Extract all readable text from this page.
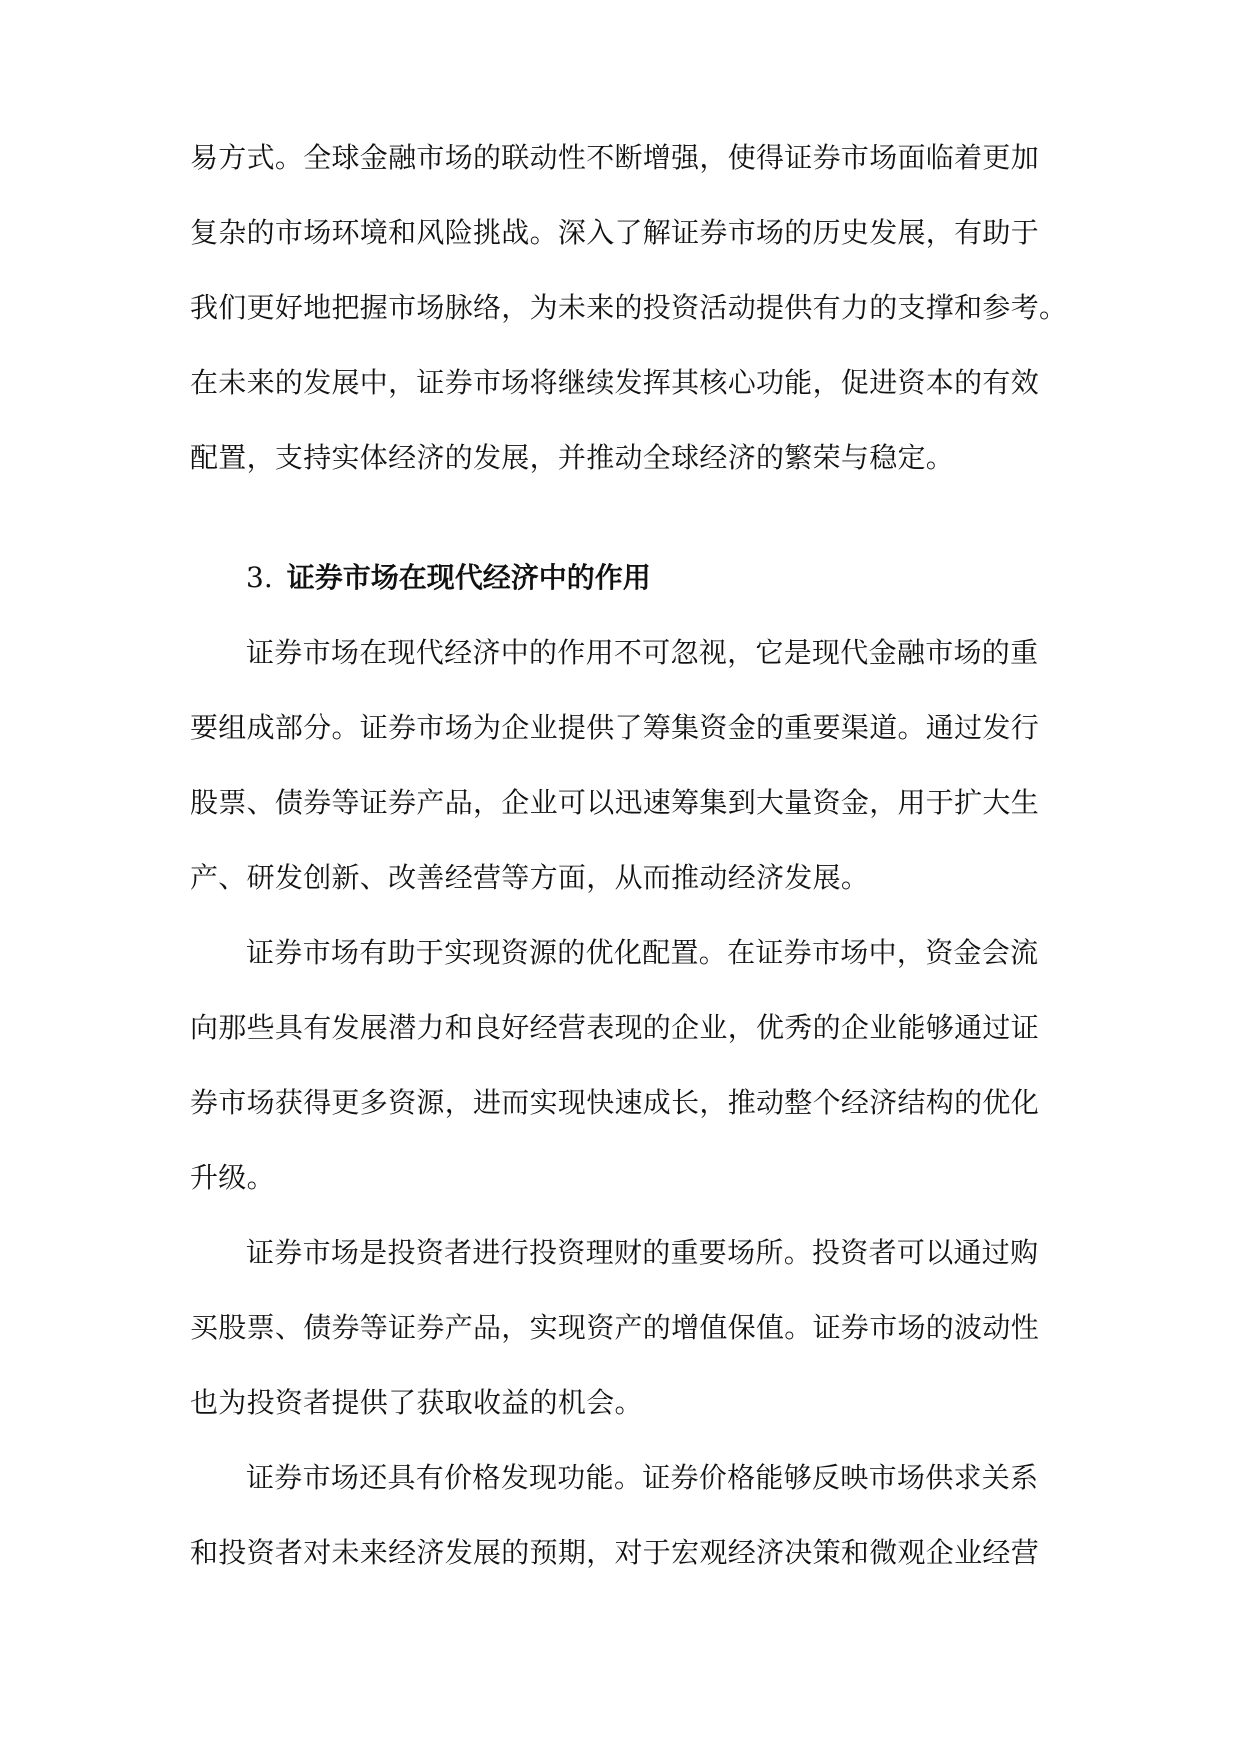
易方式。全球金融市场的联动性不断增强，使得证券市场面临着更加
复杂的市场环境和风险挑战。深入了解证券市场的历史发展，有助于
我们更好地把握市场脉络，为未来的投资活动提供有力的支撑和参考。
在未来的发展中，证券市场将继续发挥其核心功能，促进资本的有效
配置，支持实体经济的发展，并推动全球经济的繁荣与稳定。
3. 证券市场在现代经济中的作用
证券市场在现代经济中的作用不可忽视，它是现代金融市场的重
要组成部分。证券市场为企业提供了筹集资金的重要渠道。通过发行
股票、债券等证券产品，企业可以迅速筹集到大量资金，用于扩大生
产、研发创新、改善经营等方面，从而推动经济发展。
证券市场有助于实现资源的优化配置。在证券市场中，资金会流
向那些具有发展潜力和良好经营表现的企业，优秀的企业能够通过证
券市场获得更多资源，进而实现快速成长，推动整个经济结构的优化
升级。
证券市场是投资者进行投资理财的重要场所。投资者可以通过购
买股票、债券等证券产品，实现资产的增值保值。证券市场的波动性
也为投资者提供了获取收益的机会。
证券市场还具有价格发现功能。证券价格能够反映市场供求关系
和投资者对未来经济发展的预期，对于宏观经济决策和微观企业经营
